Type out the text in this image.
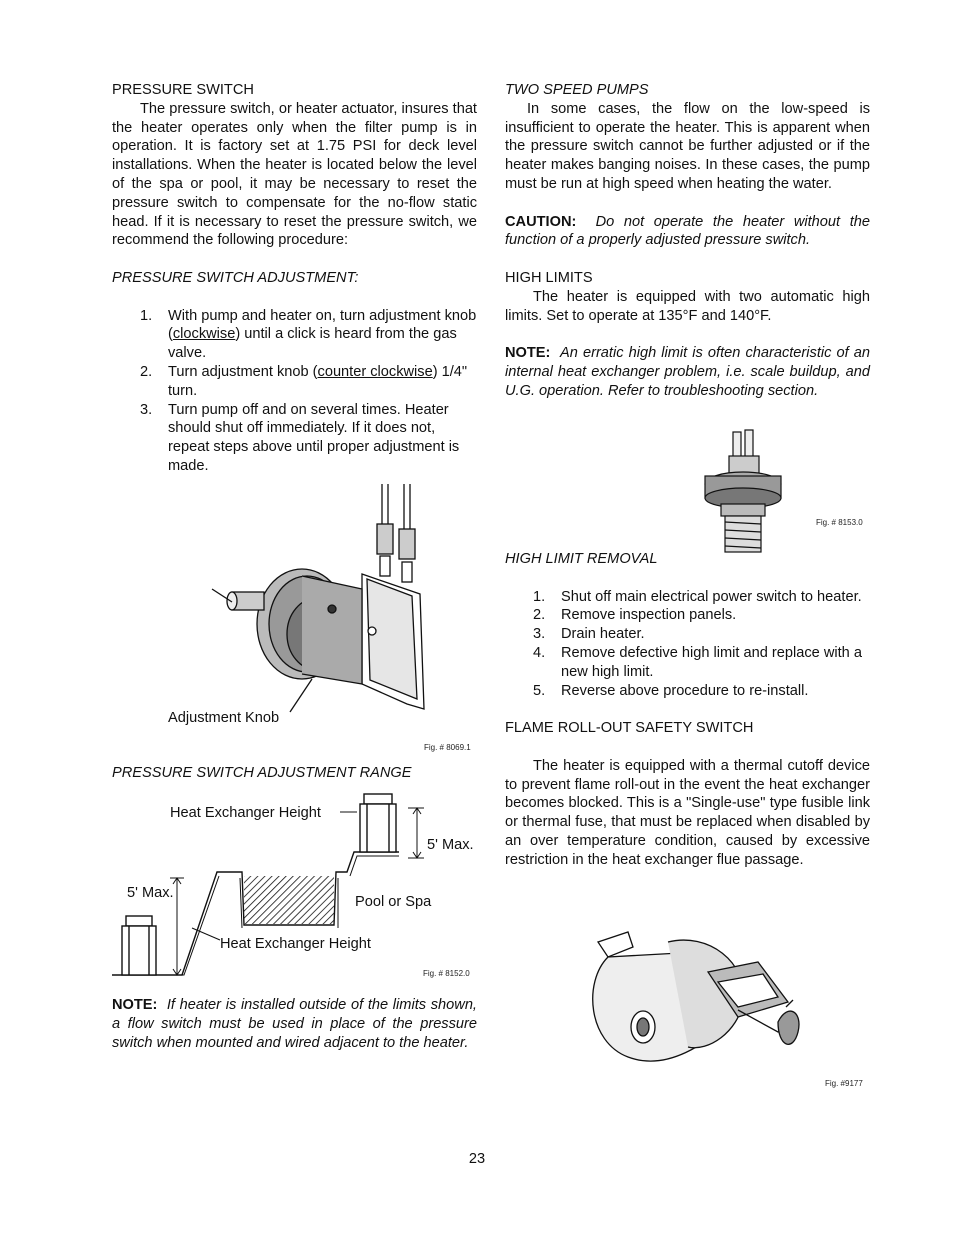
PRESSURE SWITCH

The pressure switch, or heater actuator, insures that the heater operates only when the filter pump is in operation. It is factory set at 1.75 PSI for deck level installations. When the heater is located below the level of the spa or pool, it may be necessary to reset the pressure switch to compensate for the no-flow static head. If it is necessary to reset the pressure switch, we recommend the following procedure:

PRESSURE SWITCH ADJUSTMENT:

1. With pump and heater on, turn adjustment knob (clockwise) until a click is heard from the gas valve.
2. Turn adjustment knob (counter clockwise) 1/4" turn.
3. Turn pump off and on several times. Heater should shut off immediately. If it does not, repeat steps above until proper adjustment is made.
Adjustment Knob
Fig. # 8069.1

PRESSURE SWITCH ADJUSTMENT RANGE

Heat Exchanger Height
5' Max.
5' Max.
Pool or Spa
Heat Exchanger Height
Fig. # 8152.0
NOTE: If heater is installed outside of the limits shown, a flow switch must be used in place of the pressure switch when mounted and wired adjacent to the heater.

TWO SPEED PUMPS

In some cases, the flow on the low-speed is insufficient to operate the heater. This is apparent when the pressure switch cannot be further adjusted or if the heater makes banging noises. In these cases, the pump must be run at high speed when heating the water.

CAUTION: Do not operate the heater without the function of a properly adjusted pressure switch.

HIGH LIMITS

The heater is equipped with two automatic high limits. Set to operate at 135°F and 140°F.

NOTE: An erratic high limit is often characteristic of an internal heat exchanger problem, i.e. scale buildup, and U.G. operation. Refer to troubleshooting section.

Fig. # 8153.0

HIGH LIMIT REMOVAL

1. Shut off main electrical power switch to heater.
2. Remove inspection panels.
3. Drain heater.
4. Remove defective high limit and replace with a new high limit.
5. Reverse above procedure to re-install.

FLAME ROLL-OUT SAFETY SWITCH

The heater is equipped with a thermal cutoff device to prevent flame roll-out in the event the heat exchanger becomes blocked. This is a "Single-use" type fusible link or thermal fuse, that must be replaced when disabled by an over temperature condition, caused by excessive restriction in the heat exchanger flue passage.

Fig. #9177
23
